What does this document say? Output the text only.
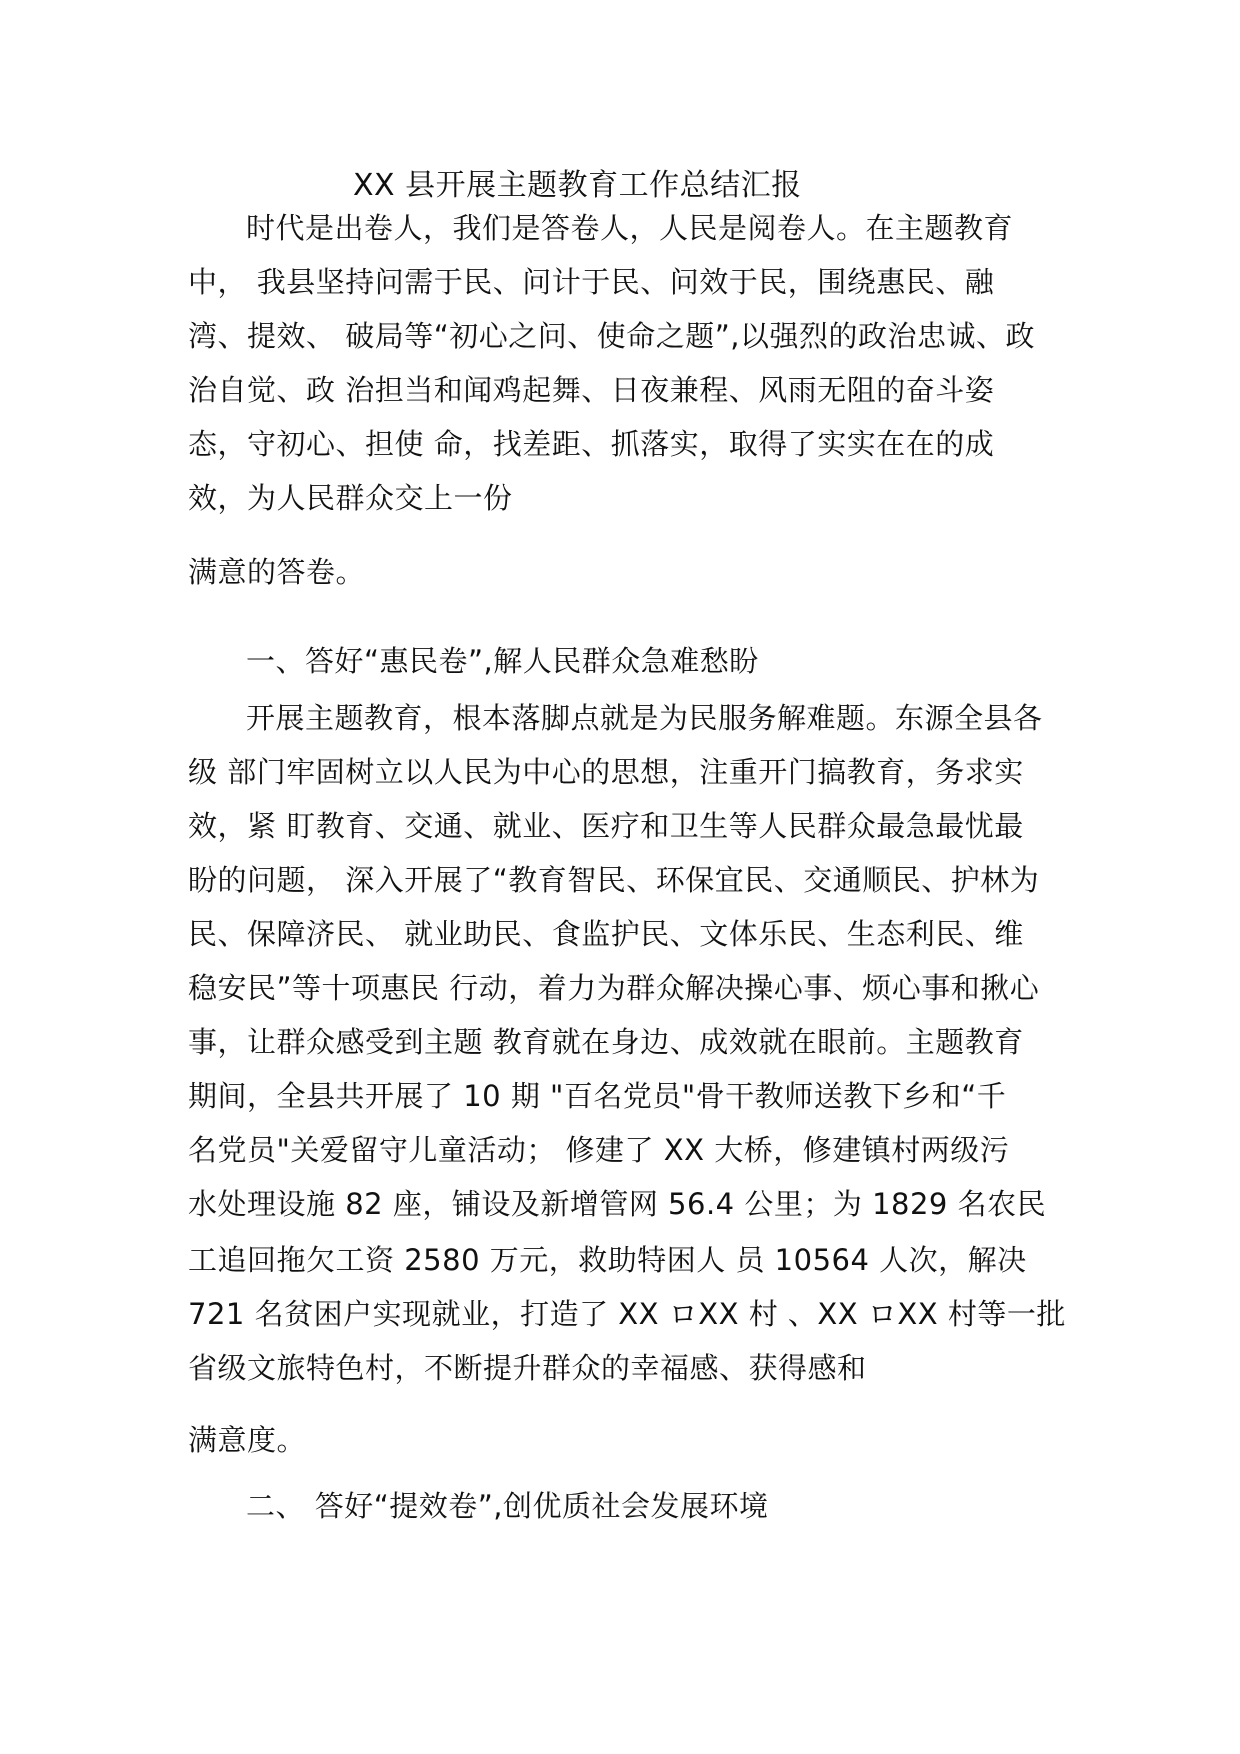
XX 县开展主题教育工作总结汇报
时代是出卷人，我们是答卷人，人民是阅卷人。在主题教育
中， 我县坚持问需于民、问计于民、问效于民，围绕惠民、融
湾、提效、 破局等“初心之问、使命之题”,以强烈的政治忠诚、政
治自觉、政 治担当和闻鸡起舞、日夜兼程、风雨无阻的奋斗姿
态，守初心、担使 命，找差距、抓落实，取得了实实在在的成
效，为人民群众交上一份
满意的答卷。
一、答好“惠民卷”,解人民群众急难愁盼
开展主题教育，根本落脚点就是为民服务解难题。东源全县各
级 部门牢固树立以人民为中心的思想，注重开门搞教育，务求实
效，紧 盯教育、交通、就业、医疗和卫生等人民群众最急最忧最
盼的问题， 深入开展了“教育智民、环保宜民、交通顺民、护林为
民、保障济民、 就业助民、食监护民、文体乐民、生态利民、维
稳安民”等十项惠民 行动，着力为群众解决操心事、烦心事和揪心
事，让群众感受到主题 教育就在身边、成效就在眼前。主题教育
期间，全县共开展了 10 期 "百名党员"骨干教师送教下乡和“千
名党员"关爱留守儿童活动； 修建了 XX 大桥，修建镇村两级污
水处理设施 82 座，铺设及新增管网 56.4 公里；为 1829 名农民
工追回拖欠工资 2580 万元，救助特困人 员 10564 人次，解决
721 名贫困户实现就业，打造了 XX ロXX 村 、XX ロXX 村等一批
省级文旅特色村，不断提升群众的幸福感、获得感和
满意度。
二、 答好“提效卷”,创优质社会发展环境
